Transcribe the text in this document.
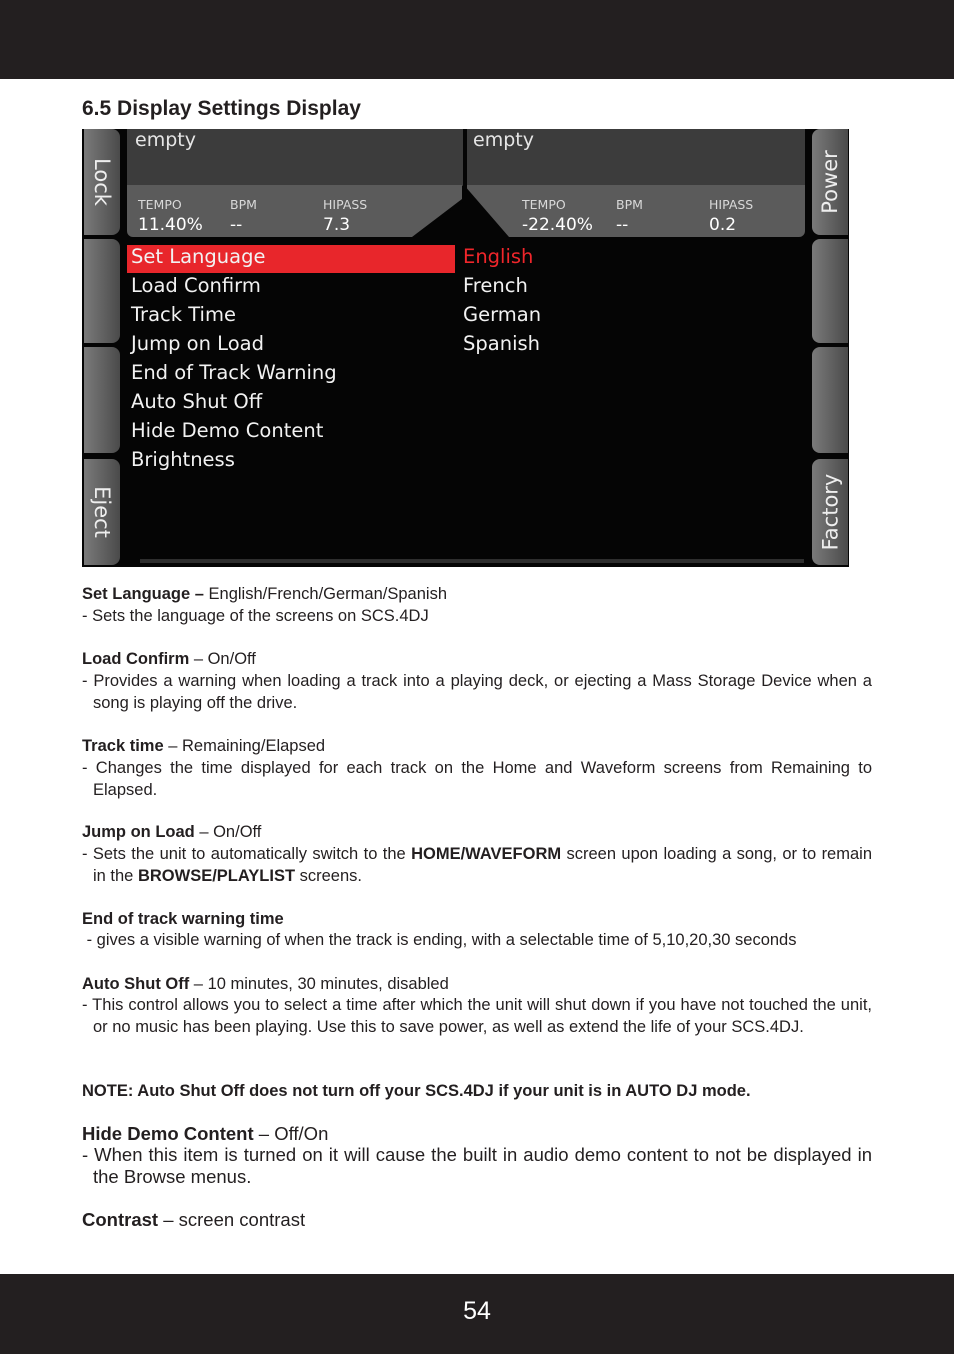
6.5 Display Settings Display
Lock
Eject
Power
Factory
empty
TEMPO
11.40%
BPM
--
HIPASS
7.3
empty
TEMPO
-22.40%
BPM
--
HIPASS
0.2
Set Language
Load Confirm
Track Time
Jump on Load
End of Track Warning
Auto Shut Off
Hide Demo Content
Brightness
English
French
German
Spanish
Set Language – English/French/German/Spanish
- Sets the language of the screens on SCS.4DJ
Load Confirm – On/Off
- Provides a warning when loading a track into a playing deck, or ejecting a Mass Storage Device when a song is playing off the drive.
Track time – Remaining/Elapsed
- Changes the time displayed for each track on the Home and Waveform screens from Remaining to Elapsed.
Jump on Load – On/Off
- Sets the unit to automatically switch to the HOME/WAVEFORM screen upon loading a song, or to remain in the BROWSE/PLAYLIST screens.
End of track warning time
- gives a visible warning of when the track is ending, with a selectable time of 5,10,20,30 seconds
Auto Shut Off – 10 minutes, 30 minutes, disabled
- This control allows you to select a time after which the unit will shut down if you have not touched the unit, or no music has been playing. Use this to save power, as well as extend the life of your SCS.4DJ.
NOTE: Auto Shut Off does not turn off your SCS.4DJ if your unit is in AUTO DJ mode.
Hide Demo Content – Off/On
- When this item is turned on it will cause the built in audio demo content to not be displayed in the Browse menus.
Contrast – screen contrast
54
